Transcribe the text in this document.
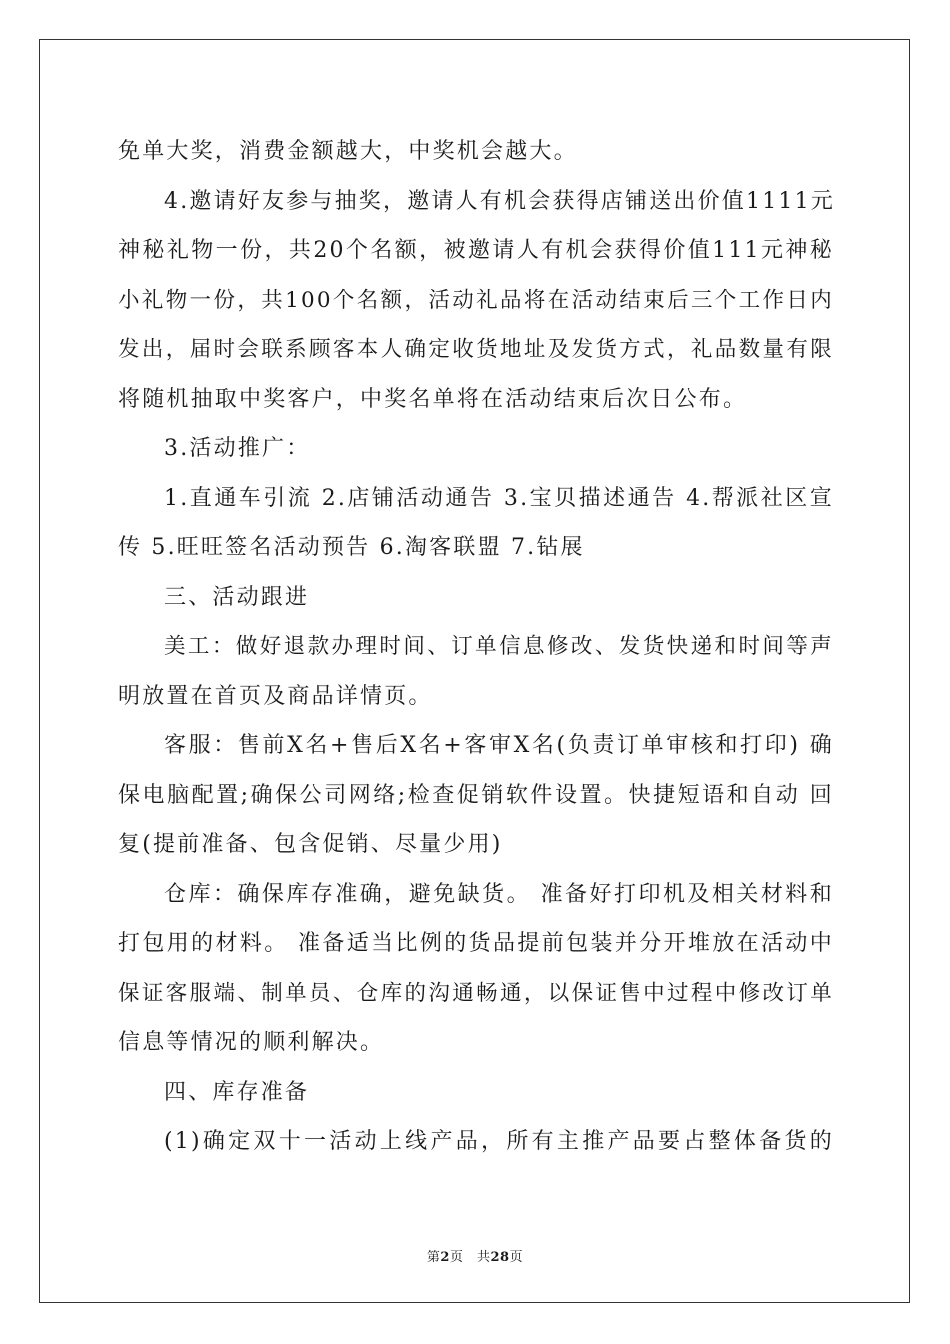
免单大奖，消费金额越大，中奖机会越大。
4.邀请好友参与抽奖，邀请人有机会获得店铺送出价值1111元
神秘礼物一份，共20个名额，被邀请人有机会获得价值111元神秘
小礼物一份，共100个名额，活动礼品将在活动结束后三个工作日内
发出，届时会联系顾客本人确定收货地址及发货方式，礼品数量有限
将随机抽取中奖客户，中奖名单将在活动结束后次日公布。
3.活动推广：
1.直通车引流 2.店铺活动通告 3.宝贝描述通告 4.帮派社区宣
传 5.旺旺签名活动预告 6.淘客联盟 7.钻展
三、活动跟进
美工：做好退款办理时间、订单信息修改、发货快递和时间等声
明放置在首页及商品详情页。
客服：售前X名+售后X名+客审X名(负责订单审核和打印) 确
保电脑配置;确保公司网络;检查促销软件设置。快捷短语和自动 回
复(提前准备、包含促销、尽量少用)
仓库：确保库存准确，避免缺货。 准备好打印机及相关材料和
打包用的材料。 准备适当比例的货品提前包装并分开堆放在活动中
保证客服端、制单员、仓库的沟通畅通，以保证售中过程中修改订单
信息等情况的顺利解决。
四、库存准备
(1)确定双十一活动上线产品，所有主推产品要占整体备货的
第2页　共28页
